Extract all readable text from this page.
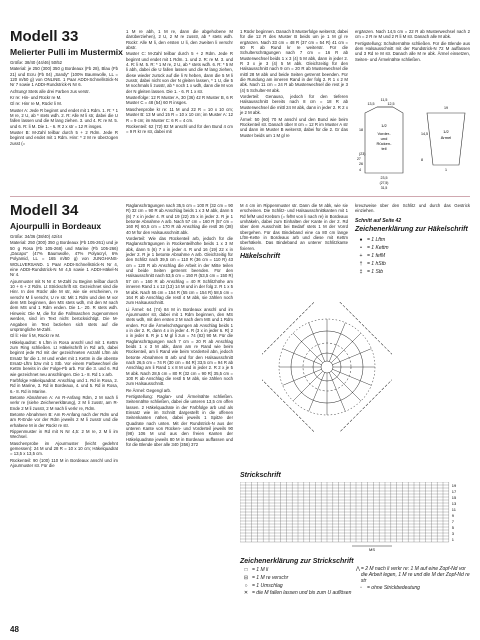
Modell 33
Melierter Pulli im Mustermix

Größe: 38/40 (44/46) 50/52

Material: je 250 (300) 350 g Bordeaux (Fb 28), Blau (Fb 21) und Ecru (Fb 04) „Sandy" (100% Baumwolle, LL = 120 m/50 g) von ONLINE. 1 Paar ADDI-Schnellstrick-N Nr 7 sowie 1 ADDI-Rundstrick-N Nr 6.

Achtung! Stets alle drei Farben zus verstr.

Kr re: Hin- und Rückr re M.

Gl re: Hinr re M, Rückr li M.

Muster A: Jede R beginnt und endet mit 1 Rdm. 1. R: * 1 M re, 2 U, ab * stets wdh. 2. R: Alle M li str, dabei die U fallen lassen und die M lang ziehen. 3. und 4. R: re M. 5. und 6. R: li M. Die 1. - 6. R 2 x str = 12 R insges.

Muster B: M-Zahl teilbar durch 5 + 2 Rdm. Jede R beginnt und endet mit 1 Rdm. Hinr: * 2 M re überzogen zusst (=

1 M re abh, 1 M re, dann die abgehobene M darüberziehen), 2 U, 2 M re zusstr, ab * stets wdh. Rückr: Alle M li, den ersten U li, den zweiten li verschr abstr.

Muster C: M-Zahl teilbar durch 5 + 2 Rdm. Jede R beginnt und endet mit 1 Rdm. 1. und 2. R: re M. 3. und 4. R: li M. 5. R: * 1 M re, 2 U, ab * stets wdh. 6. R: * 5 M li abh, dabei die U fallen lassen und die M lang ziehen, diese wieder zurück auf die li N heben, dann die 5 M li zusstr, dabei nicht von der N gleiten lassen, * 1 U, die 5 M nochmals li zusstr, ab * noch 1 x wdh, dann die M von der N gleiten lassen. Die 1. - 6. R 1 x str.

Musterfolge: 12 R Muster A, 30 (36) 42 R Muster B, 6 R Muster C = 48 (54) 60 R insges.

Maschenprobe kr re: 11 M und 22 R = 10 x 10 cm; Muster B: 13 M und 15 R = 10 x 10 cm; im Muster A: 12 R = 9 cm; im Muster C: 6 R = 4 cm.

Rückenteil: 62 (72) 82 M anschl und für den Bund 4 cm = 9 R kr re str, dabei mit

1 Rückr beginnen. Danach lt Musterfolge weiterstr, dabei für die 12 R des Muster B beids um je 1 M gl re ergänzen. Nach 33 cm = 48 R (37 cm = 54 R) 41 cm = 60 R ab Rund kr re weiterstr. Für die Schulterschrägungen nach 7 cm = 16 R ab Musterwechsel beids 1 x 3 (4) 5 M abk, dann in jeder 2. R 3 x je 3 (4) 5 M abk. Gleichzeitig für den Halsausschnitt nach 9 cm = 20 R ab Musterwechsel die mittl 28 M abk und beide Seiten getrennt beenden. Für die Rundung am inneren Rand in der folg 2. R 1 x 2 M abk. Nach 11 cm = 24 R ab Musterwechsel die rest je 3 (4) 5 Schulter-M abk.

Vorderteil: Genauso, jedoch für den tieferen Halsausschnitt bereits nach 8 cm = 18 R ab Musterwechsel die mittl 24 M abk, dann in jeder 2. R 2 x je 2 M abk.

Ärmel: 50 (60) 70 M anschl und den Bund wie beim Rückenteil str. Danach über 8 cm = 12 R im Muster A str und dann im Muster B weiterstr, dabei für die 2. Gr das Muster beids um 1 M gl re

ergänzen. Nach 14,5 cm = 22 R ab Musterwechsel nach 2 cm = 2 R re M und 2 R li M str. Danach alle M abk.

Fertigstellung: Schulternähte schließen. Für die Blende aus dem Halsausschnitt mit der Rundstrick-N 72 M auffassen und 3 Rd re M str. Danach alle M re abk. Ärmel einsetzen, Seiten- und Ärmelnähte schließen.

Vorder-
und
Rücken-
teil
1/2
11,5
12,5
13,5
18
(23)
27
26
4
23,5
(27,5)
31,5
1/2
Ärmel
14,5
8
19
1
Modell 34
Ajourpulli in Bordeaux

Größe: 34/36 (38/40) 42/44

Material: 250 (300) 350 g Bordeaux (Fb 105-261) und je 50 g Rosa (Fb 105-268) und Marine (Fb 105-266) „Dacapo" (47% Baumwolle, 47% Polyacryl, 6% Polyamid, LL = 165 m/50 g) von JUNGHANS-WOLLVERSAND. 1 Paar ADDI-Schnellstrick-N Nr 4, eine ADDI-Rundstrick-N Nr 4,5 sowie 1 ADDI-Häkel-N Nr 4.

Ajourmuster mit N Nr 4: M-Zahl zu Beginn teilbar durch 10 + 6 + 2 Rdm. Lt Strickschrift str. Gezeichnet sind die Hinr. In den Rückr alle M str, wie sie erscheinen, re verschr M li verschr, U re str. Mit 1 Rdm und den M vor dem MS beginnen, den MS stets wdh, mit den M nach dem MS und 1 Rdm enden. Die 1.- 20. R stets wdh. Hinweis: Die M, die für die Fallmaschen zugenommen werden, sind im Text nicht berücksichtigt. Die M-Angaben im Text beziehen sich stets auf die ursprüngliche M-Zahl.

Gl li: Hinr li M, Rückr re M.

Häkelquadrat: 6 Lftm in Rosa anschl und mit 1 Kettm zum Ring schließen. Lt Häkelschrift in Rd arb, dabei beginnt jede Rd mit der gezeichneten Anzahl Lftm als Ersatz für die 1. M und endet mit 1 Kettm in die oberste Ersatz-Lftm bzw mit 1 Stb. Vor einem Farbwechsel die Kettm bereits in der Folge-Fb arb. Für die 3. und 6. Rd wie gezeichnet neu anschlingen. Die 1.- 8. Rd 1 x arb.

Farbfolge Häkelquadrat: Anschlag und 1. Rd in Rosa, 2. Rd in Marine, 3. Rd in Bordeaux, 4. und 5. Rd in Rosa, 6.- 8. Rd in Marine.

Betonte Abnahmen A: An R-Anfang Rdm, 2 M nach li verkr re (siehe Zeichenerklärung), 2 M li zusstr, am R-Ende 2 M li zusstr, 2 M nach li verkr re, Rdm.

Betonte Abnahmen B: Am R-Anfang nach der Rdm und am R-Ende vor der Rdm jeweils 2 M li zusstr und die erhaltene M in der Rückr re str.

Rippenmuster in Rd mit N Nr 4,5: 2 M re, 2 M li im Wechsel.

Maschenprobe im Ajourmuster (leicht gedehnt gemessen): 24 M und 28 R = 10 x 10 cm; Häkelquadrat = 13,5 x 13,5 cm.

Rückenteil: 90 (100) 110 M in Bordeaux anschl und im Ajourmuster str. Für die

Raglanschrägungen nach 35,5 cm = 100 R (32 cm = 90 R) 32 cm = 90 R ab Anschlag beids 1 x 3 M abk, dann 5 (6) 7 x in jeder 4. R und 19 (22) 25 x in jeder 2. R je 1 betonte Abnahme A arb. Nach 57 cm = 160 R (57 cm = 160 R) 60,5 cm = 170 R ab Anschlag die restl 36 (38) 40 M für den Halsausschnitt abk.

Vorderteil: Wie das Rückenteil arb, jedoch für die Raglanschrägungen in Rückenteilhöhe beids 1 x 3 M abk, dann 5 (6) 7 x in jeder 4. R und 16 (19) 22 x in jeder 2. R je 1 betonte Abnahme A arb. Gleichzeitig für den Schlitz nach 39,5 cm = 110 R (36 cm = 110 R) 43 cm = 120 R ab Anschlag die Arbeit in der Mitte teilen und beide Seiten getrennt beenden. Für den Halsausschnitt nach 53,5 cm = 150 R (53,5 cm = 150 R) 57 cm = 160 R ab Anschlag = 40 R Schlitzhöhe am inneren Rand 1 x 12 (13) 14 M und in der folg 2. R 1 x 5 M abk. Nach 55 cm = 154 R (55 cm = 154 R) 58,5 cm = 164 R ab Anschlag die restl 4 M abk, sie zählen noch zum Halsausschnitt.

Li Ärmel: 64 (74) 84 M in Bordeaux anschl und im Ajourmuster str, dabei mit 1 Rdm beginnen, den MS stets wdh, mit den ersten 2 M nach dem MS und 1 Rdm enden. Für die Ärmelschrägungen ab Anschlag beids 1 x in der 2. R, dann 4 x in jeder 4. R (3 x in jeder 6. R) 2 x in jeder 8. R je 1 M gl li zun = 74 (82) 90 M. Für die Raglanschrägungen nach 7 cm = 20 R ab Anschlag beids 1 x 3 M abk, dann am re Rand wie beim Rückenteil, am li Rand wie beim Vorderteil abn, jedoch betonte Abnahmen B arb und für den Halsausschnitt nach 26,5 cm = 74 R (30 cm = 84 R) 33,5 cm = 94 R ab Anschlag am li Rand 1 x 8 M und in jeder 2. R 2 x je 5 M abk. Nach 28,5 cm = 80 R (32 cm = 90 R) 35,5 cm = 100 R ab Anschlag die restl 5 M abk, sie zählen noch zum Halsausschnitt.

Re Ärmel: Gegengl arb.

Fertigstellung: Raglan- und Ärmelnähte schließen. Seitennähte schließen, dabei die unteren 13,5 cm offen lassen. 2 Häkelquadrate in der Farbfolge arb und als Einsatz wie im Schnitt dargestellt in die offenen Seitenkanten nähen, dabei jeweils 1 Spitze der Quadrate nach unten. Mit der Rundstrick-N aus der unteren Kante von Rücken- und Vorderteil jeweils 90 (98) 106 M und aus den freien Kanten der Häkelquadrate jeweils 80 M in Bordeaux auffassen und für die Blende über alle 340 (356) 372

M 4 cm im Rippenmuster str. Dann die M abk, wie sie erscheinen. Die Schlitz- und Halsausschnittkanten mit 1 Rd fefM und Krebsm (= fefM von li nach re) in Bordeaux umhäkeln, dabei zum Einhalten der Kante in der 2. Rd über dem Ausschnitt bei Bedarf stets 1 M der Vorrd übergehen. Für das Bindeband eine ca 80 cm lange Lftm-Kette in Bordeaux arb und diese mit Kettm überhäkeln. Das Bindeband an unterer Schlitzkante fixieren.

Häkelschrift

kreuzweise über den Schlitz und durch das Gestrick einziehen.

Schnitt auf Seite 42
Zeichenerklärung zur Häkelschrift
● = 1 Lftm
•	= 1 Kettm
+ = 1 fefM
† = 1 hStb
‡ = 1 Stb
Strickschrift
19
17
15
13
11
9
7
5
3
1
MS
Zeichenerklärung zur Strickschrift
□ = 1 M li
⊟ = 1 M re verschr
○ = 1 Umschlag
✕ = die M fallen lassen und bis zum U auflösen
⋀ = 2 M nach li verkr re: 1 M auf eine Zopf-Nd vor die Arbeit legen, 1 M re und die M der Zopf-Nd re str
▫	= ohne Strickbedeutung
48
